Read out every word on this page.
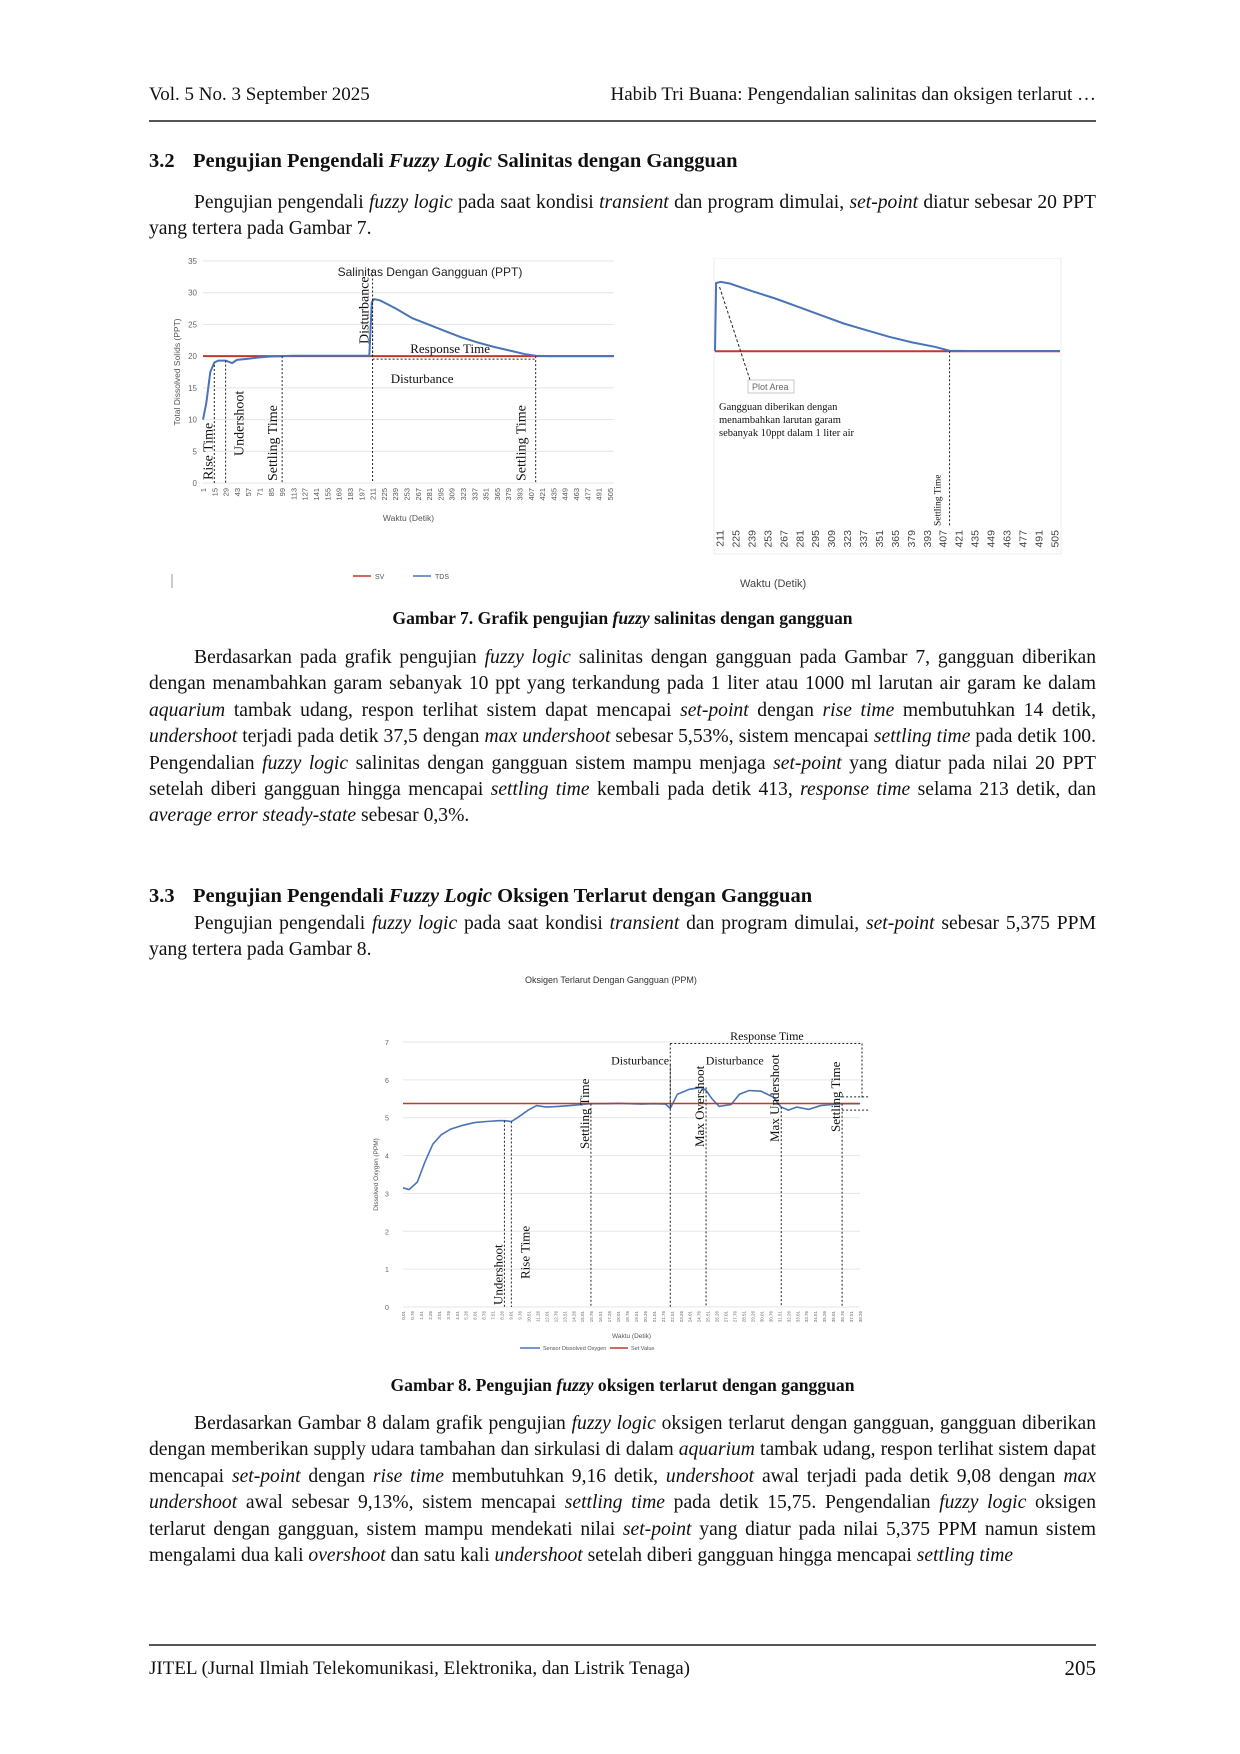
Vol. 5 No. 3 September 2025	Habib Tri Buana: Pengendalian salinitas dan oksigen terlarut …
3.2 Pengujian Pengendali Fuzzy Logic Salinitas dengan Gangguan

Pengujian pengendali fuzzy logic pada saat kondisi transient dan program dimulai, set-point diatur sebesar 20 PPT yang tertera pada Gambar 7.

Salinitas Dengan Gangguan (PPT)
0
5
10
15
20
25
30
35
Total Dissolved Solids (PPT)
1 15 29 43 57 71 85 99 113 127 141 155 169 183 197 211 225 239 253 267 281 295 309 323 337 351 365 379 393 407 421 435 449 463 477 491 505
Waktu (Detik)
Disturbance
Response Time
Disturbance
Rise Time Undershoot Settling Time	Settling Time
SV	TDS
Plot Area
Gangguan diberikan dengan menambahkan larutan garam sebanyak 10ppt dalam 1 liter air
Settling Time
211 225 239 253 267 281 295 309 323 337 351 365 379 393 407 421 435 449 463 477 491 505
Waktu (Detik)
Gambar 7. Grafik pengujian fuzzy salinitas dengan gangguan

Berdasarkan pada grafik pengujian fuzzy logic salinitas dengan gangguan pada Gambar 7, gangguan diberikan dengan menambahkan garam sebanyak 10 ppt yang terkandung pada 1 liter atau 1000 ml larutan air garam ke dalam aquarium tambak udang, respon terlihat sistem dapat mencapai set-point dengan rise time membutuhkan 14 detik, undershoot terjadi pada detik 37,5 dengan max undershoot sebesar 5,53%, sistem mencapai settling time pada detik 100. Pengendalian fuzzy logic salinitas dengan gangguan sistem mampu menjaga set-point yang diatur pada nilai 20 PPT setelah diberi gangguan hingga mencapai settling time kembali pada detik 413, response time selama 213 detik, dan average error steady-state sebesar 0,3%.

3.3 Pengujian Pengendali Fuzzy Logic Oksigen Terlarut dengan Gangguan

Pengujian pengendali fuzzy logic pada saat kondisi transient dan program dimulai, set-point sebesar 5,375 PPM yang tertera pada Gambar 8.

Oksigen Terlarut Dengan Gangguan (PPM)
0
1
2
3
4
5
6
7
Dissolved Oxygen (PPM)
0.01 0.76 1.51 2.26 3.01 3.76 4.51 5.26 6.01 6.76 7.51 8.26 9.01 9.76 10.51 11.26 12.01 12.76 13.51 14.26 15.01 15.76 16.51 17.26 18.01 18.76 19.51 20.26 21.01 21.76 22.51 23.26 24.01 24.76 25.51 26.26 27.01 27.76 28.51 29.26 30.01 30.76 31.51 32.26 33.01 33.76 34.51 35.26 36.01 36.76 37.51 38.26
Waktu (Detik)
Response Time
Disturbance	Disturbance
Undershoot Rise Time
Settling Time	Max Overshoot	Max Undershoot	Settling Time
Sensor Dissolved Oxygen	Set Value
Gambar 8. Pengujian fuzzy oksigen terlarut dengan gangguan

Berdasarkan Gambar 8 dalam grafik pengujian fuzzy logic oksigen terlarut dengan gangguan, gangguan diberikan dengan memberikan supply udara tambahan dan sirkulasi di dalam aquarium tambak udang, respon terlihat sistem dapat mencapai set-point dengan rise time membutuhkan 9,16 detik, undershoot awal terjadi pada detik 9,08 dengan max undershoot awal sebesar 9,13%, sistem mencapai settling time pada detik 15,75. Pengendalian fuzzy logic oksigen terlarut dengan gangguan, sistem mampu mendekati nilai set-point yang diatur pada nilai 5,375 PPM namun sistem mengalami dua kali overshoot dan satu kali undershoot setelah diberi gangguan hingga mencapai settling time

JITEL (Jurnal Ilmiah Telekomunikasi, Elektronika, dan Listrik Tenaga)	205
